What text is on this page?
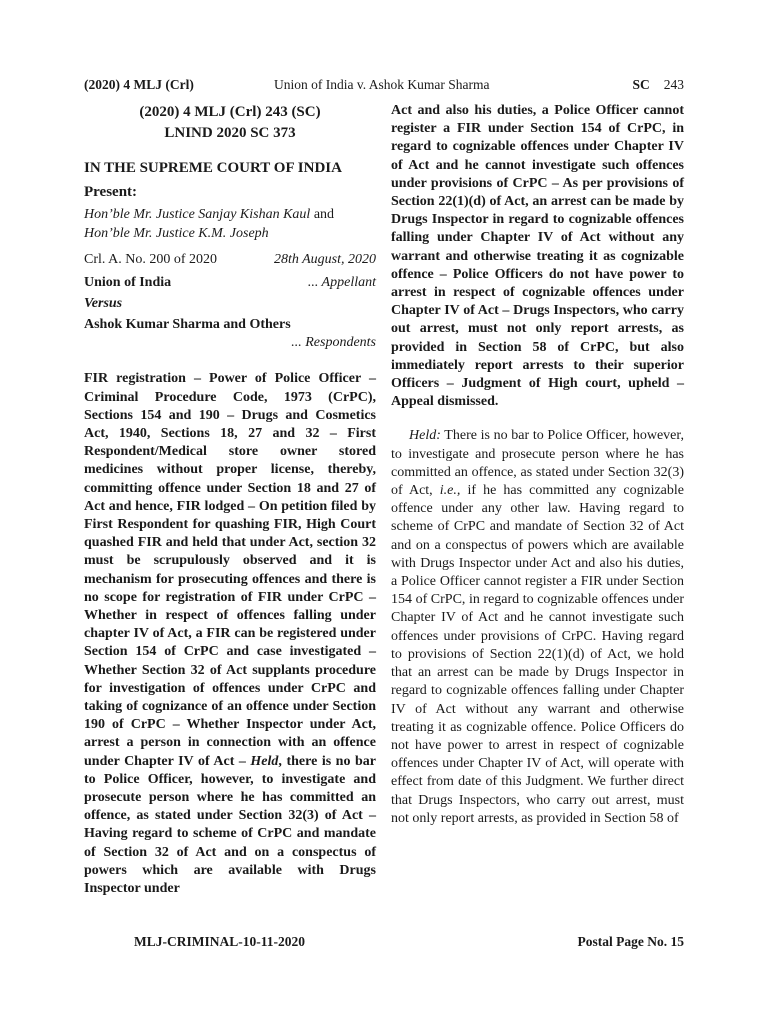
(2020) 4 MLJ (Crl)	Union of India v. Ashok Kumar Sharma	SC 243
(2020) 4 MLJ (Crl) 243 (SC)
LNIND 2020 SC 373
IN THE SUPREME COURT OF INDIA
Present:
Hon’ble Mr. Justice Sanjay Kishan Kaul and
Hon’ble Mr. Justice K.M. Joseph
Crl. A. No. 200 of 2020	28th August, 2020
Union of India	... Appellant
Versus
Ashok Kumar Sharma and Others
... Respondents
FIR registration – Power of Police Officer – Criminal Procedure Code, 1973 (CrPC), Sections 154 and 190 – Drugs and Cosmetics Act, 1940, Sections 18, 27 and 32 – First Respondent/Medical store owner stored medicines without proper license, thereby, committing offence under Section 18 and 27 of Act and hence, FIR lodged – On petition filed by First Respondent for quashing FIR, High Court quashed FIR and held that under Act, section 32 must be scrupulously observed and it is mechanism for prosecuting offences and there is no scope for registration of FIR under CrPC – Whether in respect of offences falling under chapter IV of Act, a FIR can be registered under Section 154 of CrPC and case investigated – Whether Section 32 of Act supplants procedure for investigation of offences under CrPC and taking of cognizance of an offence under Section 190 of CrPC – Whether Inspector under Act, arrest a person in connection with an offence under Chapter IV of Act – Held, there is no bar to Police Officer, however, to investigate and prosecute person where he has committed an offence, as stated under Section 32(3) of Act – Having regard to scheme of CrPC and mandate of Section 32 of Act and on a conspectus of powers which are available with Drugs Inspector under
Act and also his duties, a Police Officer cannot register a FIR under Section 154 of CrPC, in regard to cognizable offences under Chapter IV of Act and he cannot investigate such offences under provisions of CrPC – As per provisions of Section 22(1)(d) of Act, an arrest can be made by Drugs Inspector in regard to cognizable offences falling under Chapter IV of Act without any warrant and otherwise treating it as cognizable offence – Police Officers do not have power to arrest in respect of cognizable offences under Chapter IV of Act – Drugs Inspectors, who carry out arrest, must not only report arrests, as provided in Section 58 of CrPC, but also immediately report arrests to their superior Officers – Judgment of High court, upheld – Appeal dismissed.
Held: There is no bar to Police Officer, however, to investigate and prosecute person where he has committed an offence, as stated under Section 32(3) of Act, i.e., if he has committed any cognizable offence under any other law. Having regard to scheme of CrPC and mandate of Section 32 of Act and on a conspectus of powers which are available with Drugs Inspector under Act and also his duties, a Police Officer cannot register a FIR under Section 154 of CrPC, in regard to cognizable offences under Chapter IV of Act and he cannot investigate such offences under provisions of CrPC. Having regard to provisions of Section 22(1)(d) of Act, we hold that an arrest can be made by Drugs Inspector in regard to cognizable offences falling under Chapter IV of Act without any warrant and otherwise treating it as cognizable offence. Police Officers do not have power to arrest in respect of cognizable offences under Chapter IV of Act, will operate with effect from date of this Judgment. We further direct that Drugs Inspectors, who carry out arrest, must not only report arrests, as provided in Section 58 of
MLJ-CRIMINAL-10-11-2020	Postal Page No. 15
